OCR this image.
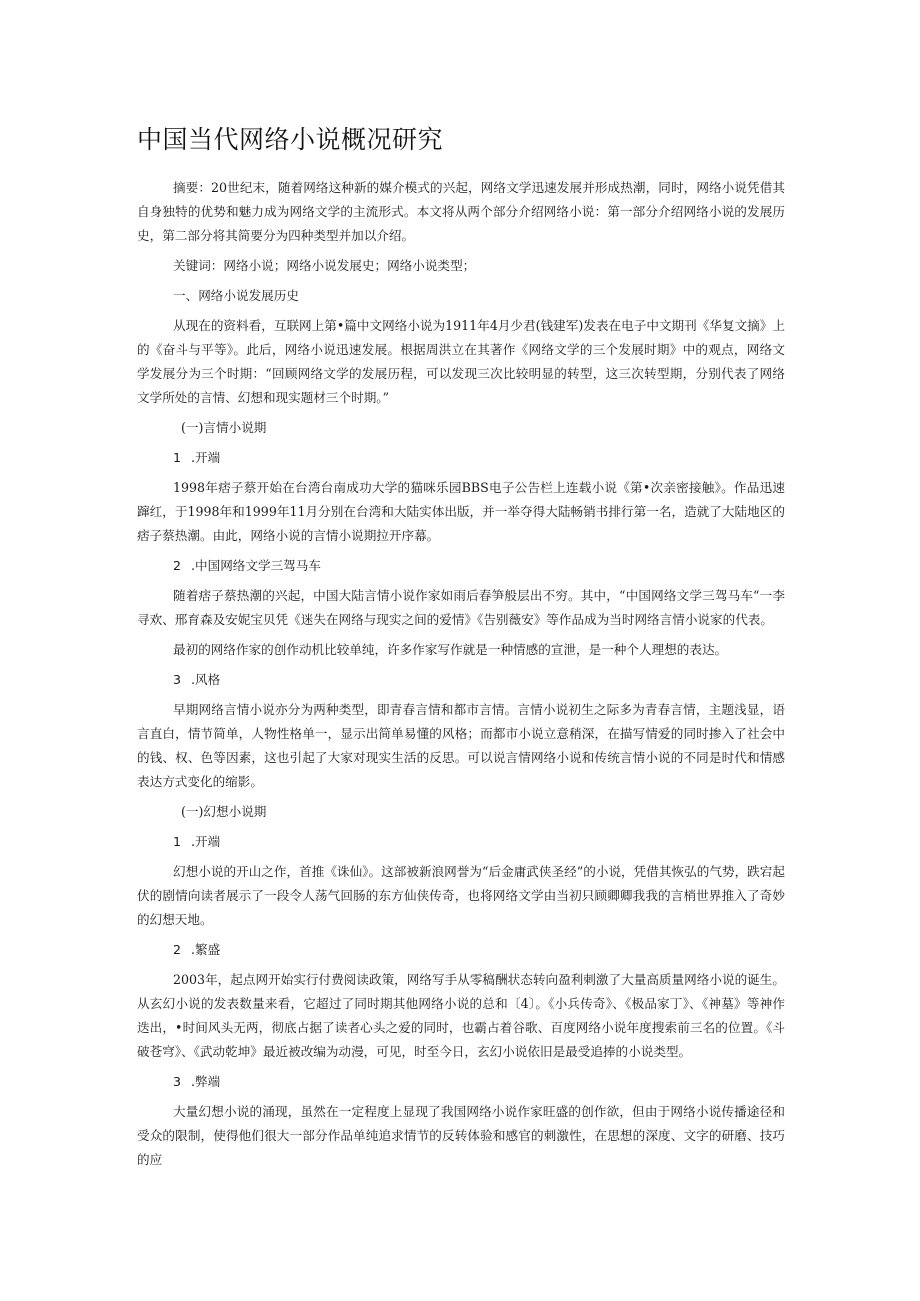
中国当代网络小说概况研究

摘要：20世纪末，随着网络这种新的媒介模式的兴起，网络文学迅速发展并形成热潮，同时，网络小说凭借其自身独特的优势和魅力成为网络文学的主流形式。本文将从两个部分介绍网络小说：第一部分介绍网络小说的发展历史，第二部分将其简要分为四种类型并加以介绍。

关键词：网络小说；网络小说发展史；网络小说类型；

一、网络小说发展历史

从现在的资料看，互联网上第•篇中文网络小说为1911年4月少君(钱建军)发表在电子中文期刊《华复文摘》上的《奋斗与平等》。此后，网络小说迅速发展。根据周洪立在其著作《网络文学的三个发展时期》中的观点，网络文学发展分为三个时期：“回顾网络文学的发展历程，可以发现三次比较明显的转型，这三次转型期，分别代表了网络文学所处的言情、幻想和现实题材三个时期。”

(一)言情小说期

1 .开端

1998年痞子蔡开始在台湾台南成功大学的猫咪乐园BBS电子公告栏上连载小说《第•次亲密接触》。作品迅速蹿红，于1998年和1999年11月分别在台湾和大陆实体出版，并一举夺得大陆畅销书排行第一名，造就了大陆地区的痞子蔡热潮。由此，网络小说的言情小说期拉开序幕。

2 .中国网络文学三驾马车

随着痞子蔡热潮的兴起，中国大陆言情小说作家如雨后春笋般层出不穷。其中，“中国网络文学三驾马车“一李寻欢、邢育森及安妮宝贝凭《迷失在网络与现实之间的爱情》《告别薇安》等作品成为当时网络言情小说家的代表。

最初的网络作家的创作动机比较单纯，许多作家写作就是一种情感的宣泄，是一种个人理想的表达。

3 .风格

早期网络言情小说亦分为两种类型，即青春言情和都市言情。言情小说初生之际多为青春言情，主题浅显，语言直白，情节简单，人物性格单一，显示出简单易懂的风格；而都市小说立意稍深，在描写情爱的同时掺入了社会中的钱、权、色等因素，这也引起了大家对现实生活的反思。可以说言情网络小说和传统言情小说的不同是时代和情感表达方式变化的缩影。

(一)幻想小说期

1 .开端

幻想小说的开山之作，首推《诛仙》。这部被新浪网誉为“后金庸武侠圣经”的小说，凭借其恢弘的气势，跌宕起伏的剧情向读者展示了一段令人荡气回肠的东方仙侠传奇，也将网络文学由当初只顾卿卿我我的言梢世界推入了奇妙的幻想天地。

2 .繁盛

2003年，起点网开始实行付费阅读政策，网络写手从零稿酬状态转向盈利刺激了大量高质量网络小说的诞生。从玄幻小说的发表数量来看，它超过了同时期其他网络小说的总和〔4〕。《小兵传奇》、《极品家丁》、《神墓》等神作迭出，•时间风头无两，彻底占据了读者心头之爱的同时，也霸占着谷歌、百度网络小说年度搜索前三名的位置。《斗破苍穹》、《武动乾坤》最近被改编为动漫，可见，时至今日，玄幻小说依旧是最受追捧的小说类型。

3 .弊端

大量幻想小说的涌现，虽然在一定程度上显现了我国网络小说作家旺盛的创作欲，但由于网络小说传播途径和受众的限制，使得他们很大一部分作品单纯追求情节的反转体验和感官的刺激性，在思想的深度、文字的研磨、技巧的应
